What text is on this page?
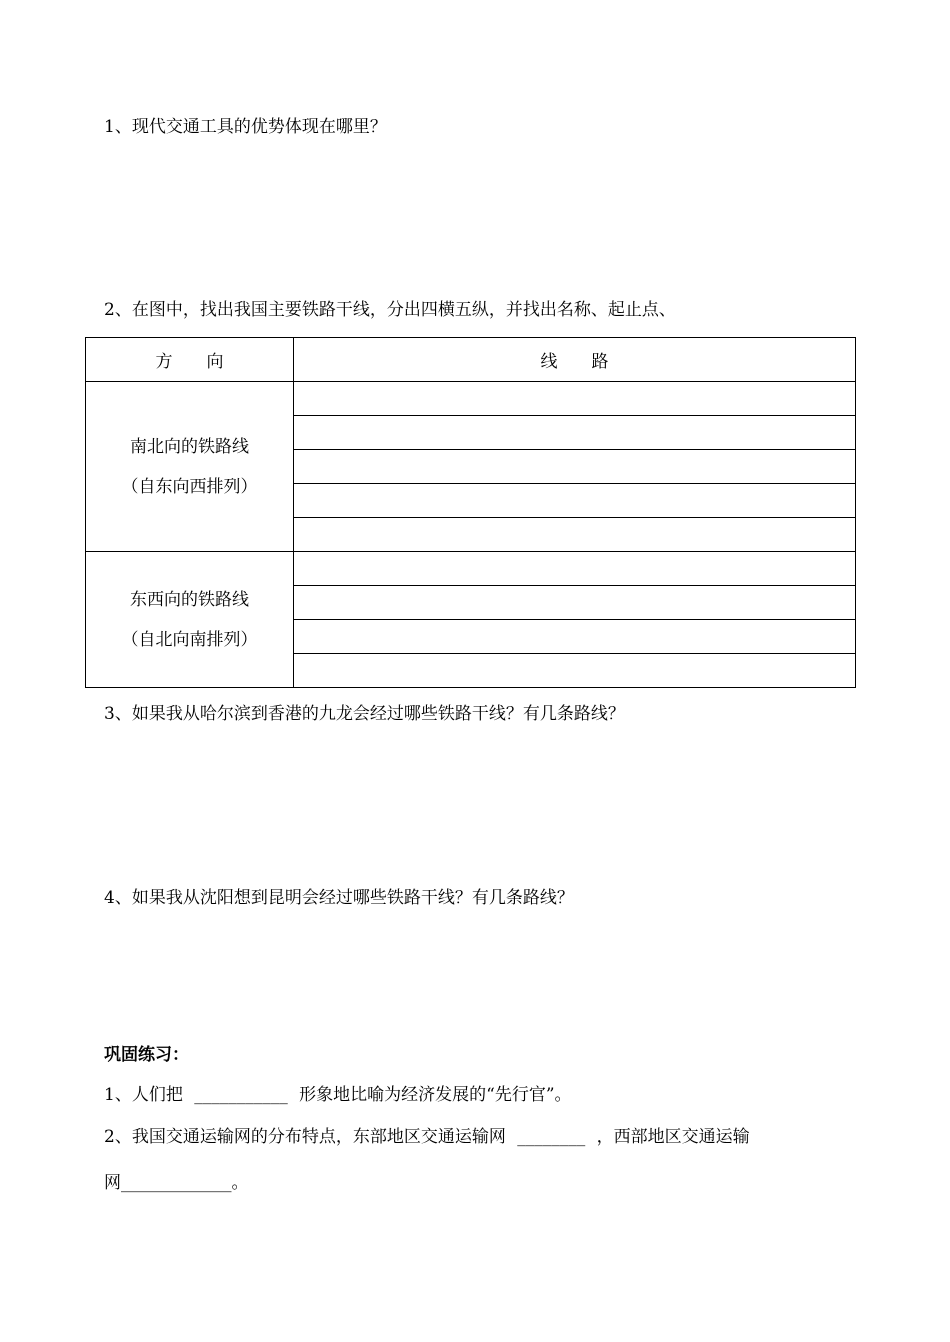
1、现代交通工具的优势体现在哪里？
2、在图中，找出我国主要铁路干线，分出四横五纵，并找出名称、起止点、
方　　向	线　　路

南北向的铁路线
（自东向西排列）	

东西向的铁路线
（自北向南排列）	

3、如果我从哈尔滨到香港的九龙会经过哪些铁路干线？有几条路线？
4、如果我从沈阳想到昆明会经过哪些铁路干线？有几条路线？
巩固练习：
1、人们把 ___________ 形象地比喻为经济发展的“先行官”。
2、我国交通运输网的分布特点，东部地区交通运输网 ________ ，西部地区交通运输
网_____________。
